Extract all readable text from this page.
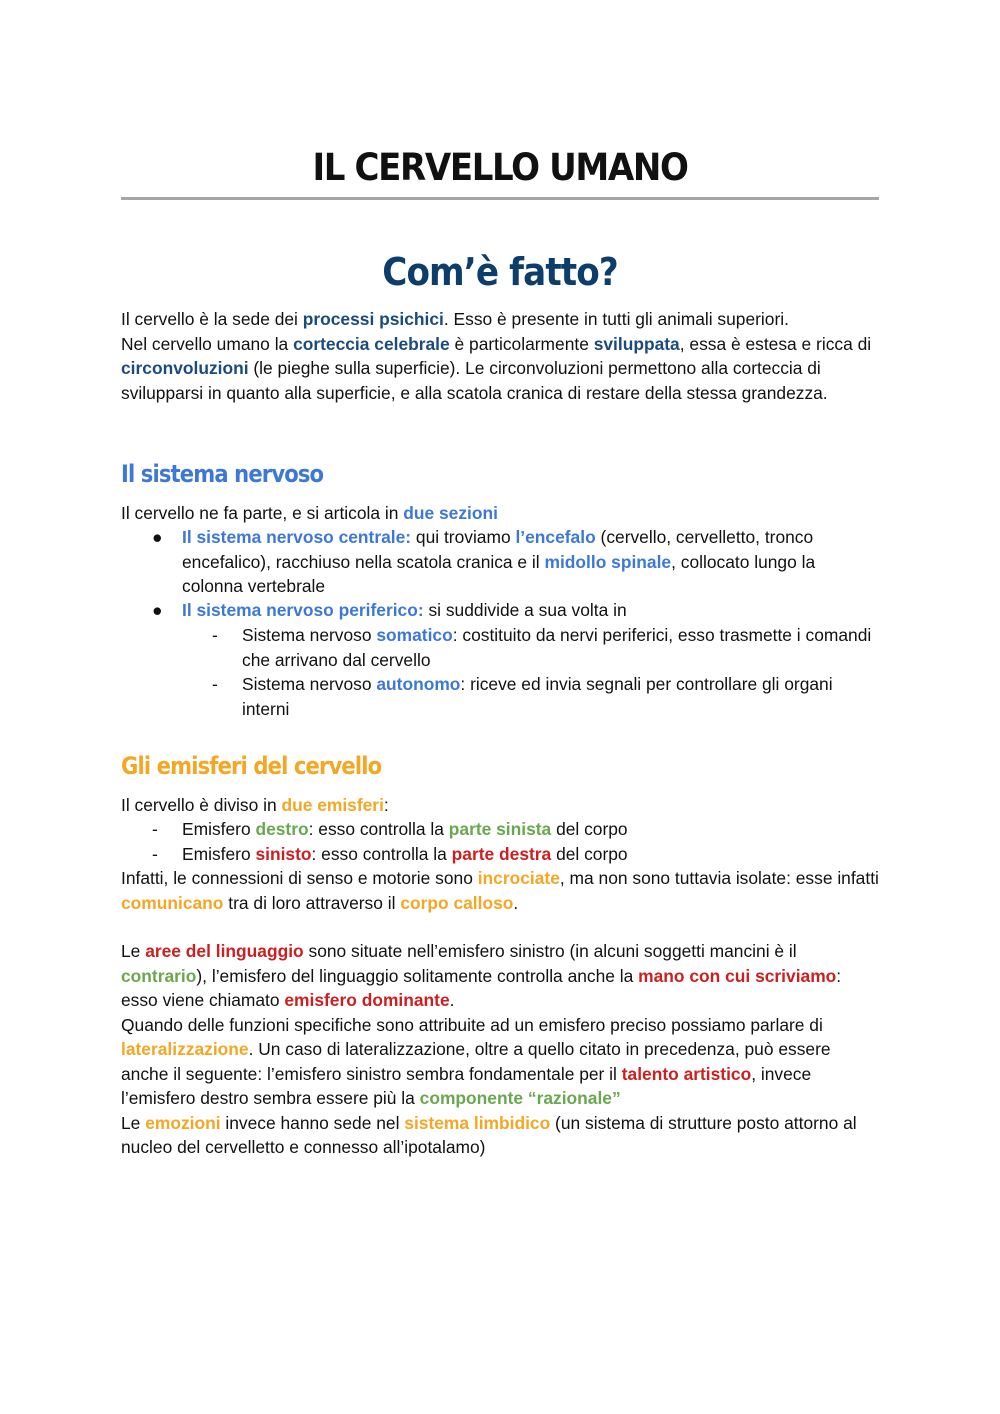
IL CERVELLO UMANO
Com’è fatto?

Il cervello è la sede dei processi psichici. Esso è presente in tutti gli animali superiori.
Nel cervello umano la corteccia celebrale è particolarmente sviluppata, essa è estesa e ricca di circonvoluzioni (le pieghe sulla superficie). Le circonvoluzioni permettono alla corteccia di svilupparsi in quanto alla superficie, e alla scatola cranica di restare della stessa grandezza.

Il sistema nervoso

Il cervello ne fa parte, e si articola in due sezioni

● Il sistema nervoso centrale: qui troviamo l’encefalo (cervello, cervelletto, tronco encefalico), racchiuso nella scatola cranica e il midollo spinale, collocato lungo la colonna vertebrale

● Il sistema nervoso periferico: si suddivide a sua volta in

- Sistema nervoso somatico: costituito da nervi periferici, esso trasmette i comandi che arrivano dal cervello

- Sistema nervoso autonomo: riceve ed invia segnali per controllare gli organi interni

Gli emisferi del cervello

Il cervello è diviso in due emisferi:

- Emisfero destro: esso controlla la parte sinista del corpo

- Emisfero sinisto: esso controlla la parte destra del corpo

Infatti, le connessioni di senso e motorie sono incrociate, ma non sono tuttavia isolate: esse infatti comunicano tra di loro attraverso il corpo calloso.

Le aree del linguaggio sono situate nell’emisfero sinistro (in alcuni soggetti mancini è il contrario), l’emisfero del linguaggio solitamente controlla anche la mano con cui scriviamo: esso viene chiamato emisfero dominante.
Quando delle funzioni specifiche sono attribuite ad un emisfero preciso possiamo parlare di lateralizzazione. Un caso di lateralizzazione, oltre a quello citato in precedenza, può essere anche il seguente: l’emisfero sinistro sembra fondamentale per il talento artistico, invece l’emisfero destro sembra essere più la componente “razionale”
Le emozioni invece hanno sede nel sistema limbidico (un sistema di strutture posto attorno al nucleo del cervelletto e connesso all’ipotalamo)
